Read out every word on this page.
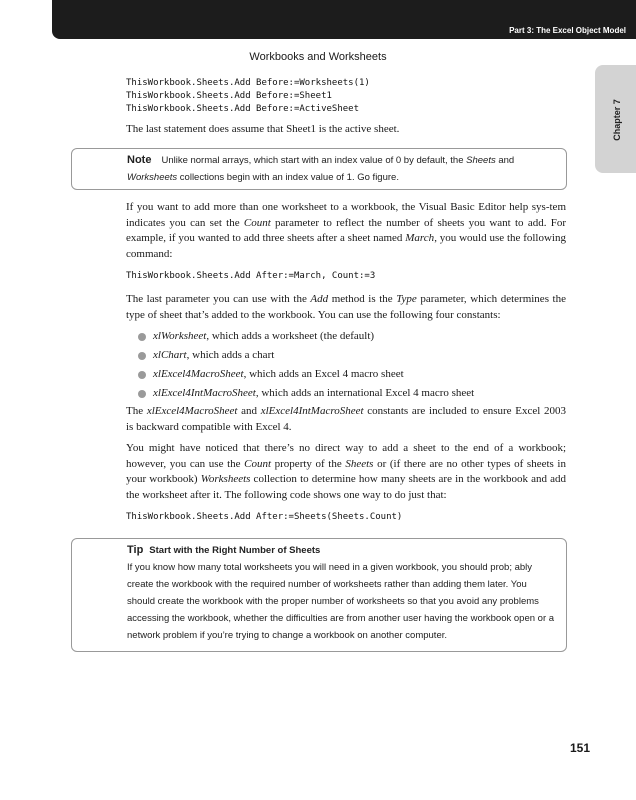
Part 3: The Excel Object Model
Chapter 7
Workbooks and Worksheets
ThisWorkbook.Sheets.Add Before:=Worksheets(1)
ThisWorkbook.Sheets.Add Before:=Sheet1
ThisWorkbook.Sheets.Add Before:=ActiveSheet
The last statement does assume that Sheet1 is the active sheet.
Note Unlike normal arrays, which start with an index value of 0 by default, the Sheets and Worksheets collections begin with an index value of 1. Go figure.
If you want to add more than one worksheet to a workbook, the Visual Basic Editor help sys-tem indicates you can set the Count parameter to reflect the number of sheets you want to add. For example, if you wanted to add three sheets after a sheet named March, you would use the following command:
ThisWorkbook.Sheets.Add After:=March, Count:=3
The last parameter you can use with the Add method is the Type parameter, which determines the type of sheet that’s added to the workbook. You can use the following four constants:
xlWorksheet, which adds a worksheet (the default)
xlChart, which adds a chart
xlExcel4MacroSheet, which adds an Excel 4 macro sheet
xlExcel4IntMacroSheet, which adds an international Excel 4 macro sheet
The xlExcel4MacroSheet and xlExcel4IntMacroSheet constants are included to ensure Excel 2003 is backward compatible with Excel 4.
You might have noticed that there’s no direct way to add a sheet to the end of a workbook; however, you can use the Count property of the Sheets or (if there are no other types of sheets in your workbook) Worksheets collection to determine how many sheets are in the workbook and add the worksheet after it. The following code shows one way to do just that:
ThisWorkbook.Sheets.Add After:=Sheets(Sheets.Count)
Tip Start with the Right Number of Sheets
If you know how many total worksheets you will need in a given workbook, you should prob; ably create the workbook with the required number of worksheets rather than adding them later. You should create the workbook with the proper number of worksheets so that you avoid any problems accessing the workbook, whether the difficulties are from another user having the workbook open or a network problem if you’re trying to change a workbook on another computer.
151
